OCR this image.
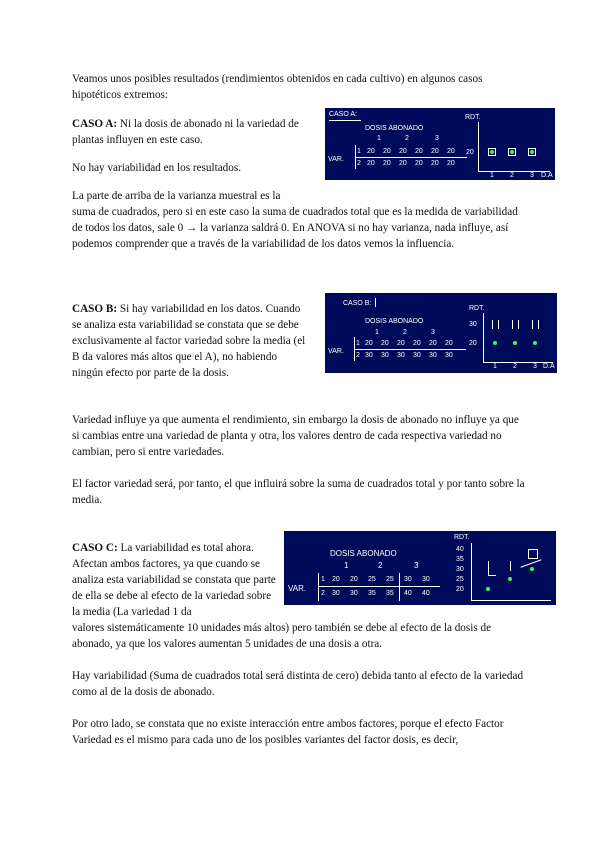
Veamos unos posibles resultados (rendimientos obtenidos en cada cultivo) en algunos casos hipotéticos extremos:

CASO A: Ni la dosis de abonado ni la variedad de plantas influyen en este caso.

No hay variabilidad en los resultados.

La parte de arriba de la varianza muestral es la

suma de cuadrados, pero si en este caso la suma de cuadrados total que es la medida de variabilidad de todos los datos, sale 0 → la varianza saldrá 0. En ANOVA si no hay varianza, nada influye, así podemos comprender que a través de la variabilidad de los datos vemos la influencia.

CASO A:
DOSIS ABONADO
1	2	3
VAR.
1 20 20 20 20 20 20
2 20 20 20 20 20 20
RDT.
20
1 2 3 D.A

CASO B: Si hay variabilidad en los datos. Cuando se analiza esta variabilidad se constata que se debe exclusivamente al factor variedad sobre la media (el B da valores más altos que el A), no habiendo ningún efecto por parte de la dosis.

Variedad influye ya que aumenta el rendimiento, sin embargo la dosis de abonado no influye ya que si cambias entre una variedad de planta y otra, los valores dentro de cada respectiva variedad no cambian, pero si entre variedades.

El factor variedad será, por tanto, el que influirá sobre la suma de cuadrados total y por tanto sobre la media.

CASO B:
DOSIS ABONADO
1	2	3
VAR.
1 20 20 20 20 20 20
2 30 30 30 30 30 30
RDT.
30
20
1 2 3 D.A

CASO C: La variabilidad es total ahora. Afectan ambos factores, ya que cuando se analiza esta variabilidad se constata que parte de ella se debe al efecto de la variedad sobre la media (La variedad 1 da

valores sistemáticamente 10 unidades más altos) pero también se debe al efecto de la dosis de abonado, ya que los valores aumentan 5 unidades de una dosis a otra.

Hay variabilidad (Suma de cuadrados total será distinta de cero) debida tanto al efecto de la variedad como al de la dosis de abonado.

Por otro lado, se constata que no existe interacción entre ambos factores, porque el efecto Factor Variedad es el mismo para cada uno de los posibles variantes del factor dosis, es decir,

DOSIS ABONADO
1	2	3
VAR.
1 20 20 25 25 30 30
2 30 30 35 35 40 40
RDT.
40
35
30
25
20
